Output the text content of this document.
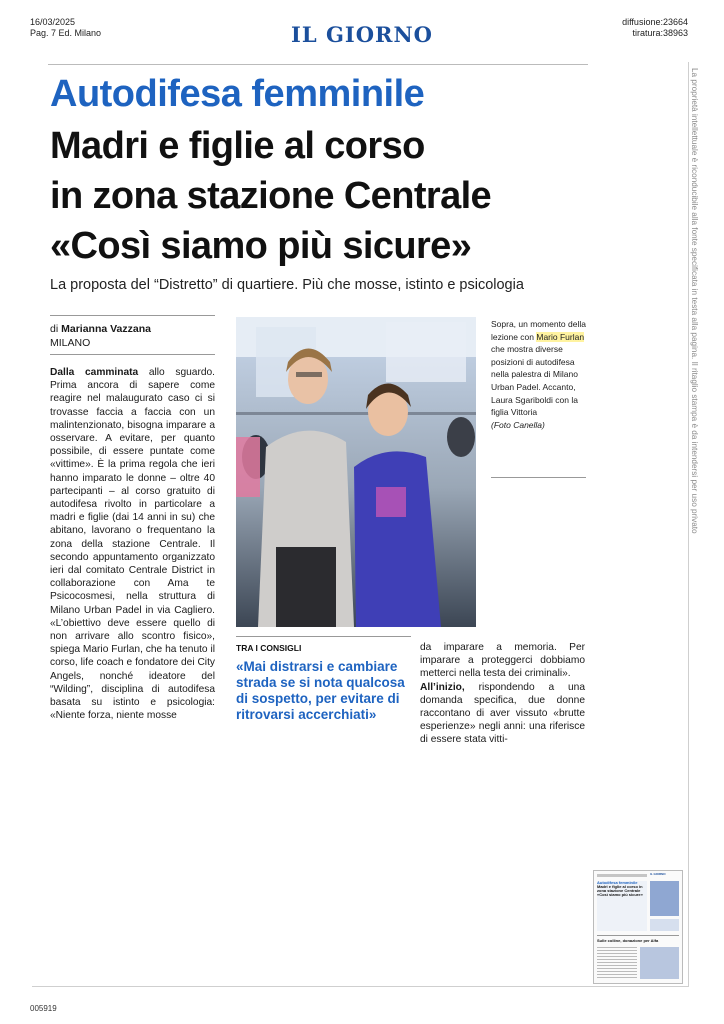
16/03/2025
Pag. 7 Ed. Milano	IL GIORNO	diffusione:23664
tiratura:38963
Autodifesa femminile
Madri e figlie al corso
in zona stazione Centrale
«Così siamo più sicure»
La proposta del “Distretto” di quartiere. Più che mosse, istinto e psicologia
di Marianna Vazzana
MILANO
Dalla camminata allo sguardo. Prima ancora di sapere come reagire nel malaugurato caso ci si trovasse faccia a faccia con un malintenzionato, bisogna imparare a osservare. A evitare, per quanto possibile, di essere puntate come «vittime». È la prima regola che ieri hanno imparato le donne – oltre 40 partecipanti – al corso gratuito di autodifesa rivolto in particolare a madri e figlie (dai 14 anni in su) che abitano, lavorano o frequentano la zona della stazione Centrale. Il secondo appuntamento organizzato ieri dal comitato Centrale District in collaborazione con Ama te Psicocosmesi, nella struttura di Milano Urban Padel in via Cagliero. «L’obiettivo deve essere quello di non arrivare allo scontro fisico», spiega Mario Furlan, che ha tenuto il corso, life coach e fondatore dei City Angels, nonché ideatore del “Wilding”, disciplina di autodifesa basata su istinto e psicologia: «Niente forza, niente mosse
Sopra, un momento della lezione con Mario Furlan che mostra diverse posizioni di autodifesa nella palestra di Milano Urban Padel. Accanto, Laura Sgariboldi con la figlia Vittoria
(Foto Canella)
TRA I CONSIGLI
«Mai distrarsi e cambiare strada se si nota qualcosa di sospetto, per evitare di ritrovarsi accerchiati»
da imparare a memoria. Per imparare a proteggerci dobbiamo metterci nella testa dei criminali».
All’inizio, rispondendo a una domanda specifica, due donne raccontano di aver vissuto «brutte esperienze» negli anni: una riferisce di essere stata vitti-
La proprietà intellettuale è riconducibile alla fonte specificata in testa alla pagina. Il ritaglio stampa è da intendersi per uso privato
IL GIORNO
Autodifesa femminile
Madri e figlie al corso in zona stazione Centrale «Così siamo più sicure»
Sulle colline, donazione per Alfa
005919
